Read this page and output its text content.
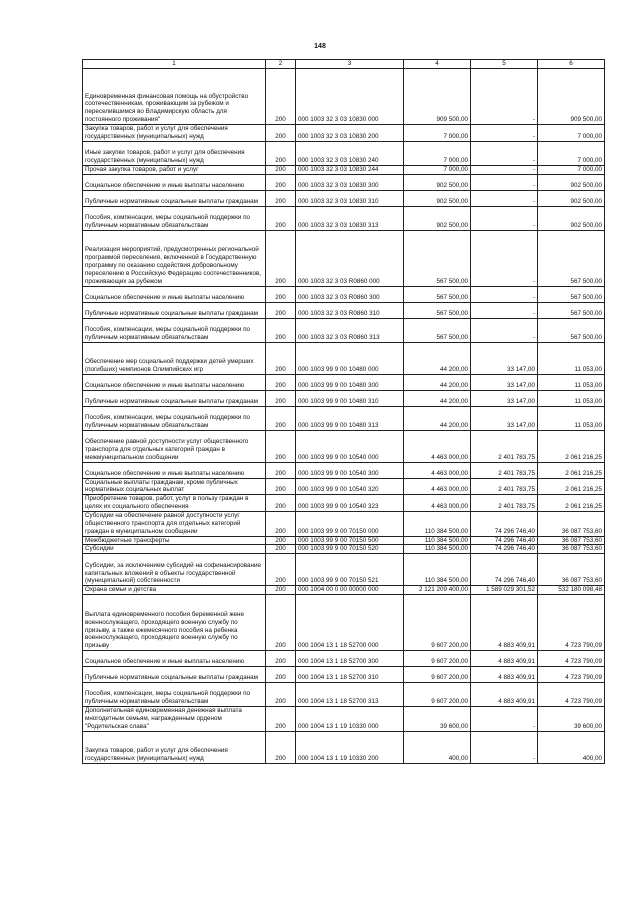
148
1	2	3	4	5	6
Единовременная финансовая помощь на обустройство соотечественникам, проживающим за рубежом и переселившимся во Владимирскую область для постоянного проживания"	200	000 1003 32 3 03 10830 000	909 500,00	-	909 500,00
Закупка товаров, работ и услуг для обеспечения государственных (муниципальных) нужд	200	000 1003 32 3 03 10830 200	7 000,00	-	7 000,00
Иные закупки товаров, работ и услуг для обеспечения государственных (муниципальных) нужд	200	000 1003 32 3 03 10830 240	7 000,00	-	7 000,00
Прочая закупка товаров, работ и услуг	200	000 1003 32 3 03 10830 244	7 000,00	-	7 000,00
Социальное обеспечение и иные выплаты населению	200	000 1003 32 3 03 10830 300	902 500,00	-	902 500,00
Публичные нормативные социальные выплаты гражданам	200	000 1003 32 3 03 10830 310	902 500,00	-	902 500,00
Пособия, компенсации, меры социальной поддержки по публичным нормативным обязательствам	200	000 1003 32 3 03 10830 313	902 500,00	-	902 500,00
Реализация мероприятий, предусмотренных региональной программой переселения, включенной в Государственную программу по оказанию содействия добровольному переселению в Российскую Федерацию соотечественников, проживающих за рубежом	200	000 1003 32 3 03 R0860 000	567 500,00	-	567 500,00
Социальное обеспечение и иные выплаты населению	200	000 1003 32 3 03 R0860 300	567 500,00	-	567 500,00
Публичные нормативные социальные выплаты гражданам	200	000 1003 32 3 03 R0860 310	567 500,00	-	567 500,00
Пособия, компенсации, меры социальной поддержки по публичным нормативным обязательствам	200	000 1003 32 3 03 R0860 313	567 500,00	-	567 500,00
Обеспечение мер социальной поддержки детей умерших (погибших) чемпионов Олимпийских игр	200	000 1003 99 9 00 10480 000	44 200,00	33 147,00	11 053,00
Социальное обеспечение и иные выплаты населению	200	000 1003 99 9 00 10480 300	44 200,00	33 147,00	11 053,00
Публичные нормативные социальные выплаты гражданам	200	000 1003 99 9 00 10480 310	44 200,00	33 147,00	11 053,00
Пособия, компенсации, меры социальной поддержки по публичным нормативным обязательствам	200	000 1003 99 9 00 10480 313	44 200,00	33 147,00	11 053,00
Обеспечение равной доступности услуг общественного транспорта для отдельных категорий граждан в межмуниципальном сообщении	200	000 1003 99 9 00 10540 000	4 463 000,00	2 401 783,75	2 061 216,25
Социальное обеспечение и иные выплаты населению	200	000 1003 99 9 00 10540 300	4 463 000,00	2 401 783,75	2 061 216,25
Социальные выплаты гражданам, кроме публичных нормативных социальных выплат	200	000 1003 99 9 00 10540 320	4 463 000,00	2 401 783,75	2 061 216,25
Приобретение товаров, работ, услуг в пользу граждан в целях их социального обеспечения	200	000 1003 99 9 00 10540 323	4 463 000,00	2 401 783,75	2 061 216,25
Субсидии на обеспечение равной доступности услуг общественного транспорта для отдельных категорий граждан в муниципальном сообщении	200	000 1003 99 9 00 70150 000	110 384 500,00	74 296 746,40	36 087 753,60
Межбюджетные трансферты	200	000 1003 99 9 00 70150 500	110 384 500,00	74 296 746,40	36 087 753,60
Субсидии	200	000 1003 99 9 00 70150 520	110 384 500,00	74 296 746,40	36 087 753,60
Субсидии, за исключением субсидий на софинансирование капитальных вложений в объекты государственной (муниципальной) собственности	200	000 1003 99 9 00 70150 521	110 384 500,00	74 296 746,40	36 087 753,60
Охрана семьи и детства	200	000 1004 00 0 00 00000 000	2 121 209 400,00	1 589 029 301,52	532 180 098,48
Выплата единовременного пособия беременной жене военнослужащего, проходящего военную службу по призыву, а также ежемесячного пособия на ребенка военнослужащего, проходящего военную службу по призыву	200	000 1004 13 1 18 52700 000	9 607 200,00	4 883 409,91	4 723 790,09
Социальное обеспечение и иные выплаты населению	200	000 1004 13 1 18 52700 300	9 607 200,00	4 883 409,91	4 723 790,09
Публичные нормативные социальные выплаты гражданам	200	000 1004 13 1 18 52700 310	9 607 200,00	4 883 409,91	4 723 790,09
Пособия, компенсации, меры социальной поддержки по публичным нормативным обязательствам	200	000 1004 13 1 18 52700 313	9 607 200,00	4 883 409,91	4 723 790,09
Дополнительная единовременная денежная выплата многодетным семьям, награжденным орденом "Родительская слава"	200	000 1004 13 1 19 10330 000	39 600,00	-	39 600,00
Закупка товаров, работ и услуг для обеспечения государственных (муниципальных) нужд	200	000 1004 13 1 19 10330 200	400,00	-	400,00
